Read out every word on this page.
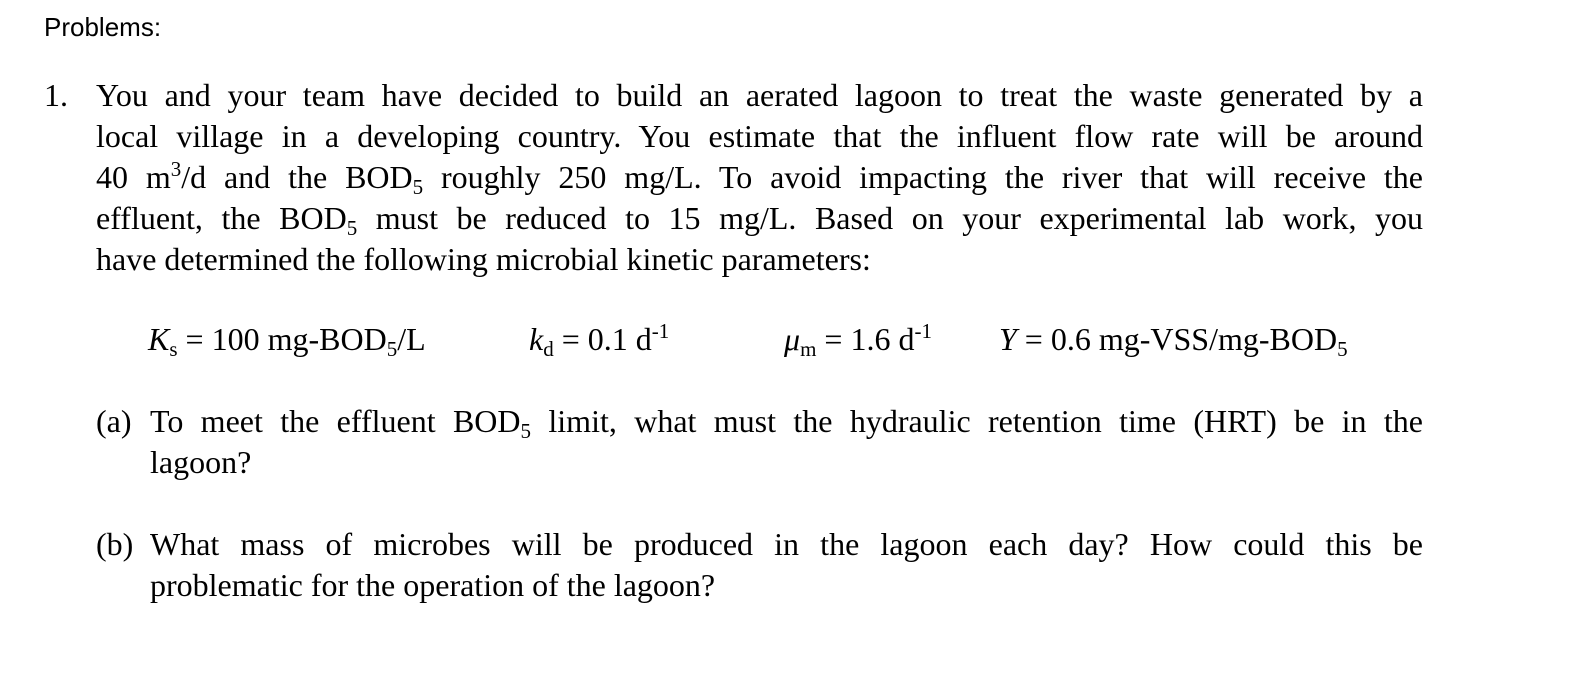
Problems:
1. You and your team have decided to build an aerated lagoon to treat the waste generated by a
local village in a developing country. You estimate that the influent flow rate will be around
40 $m^3/d$ and the $BOD_5$ roughly 250 mg/L. To avoid impacting the river that will receive the
effluent, the $BOD_5$ must be reduced to 15 mg/L. Based on your experimental lab work, you
have determined the following microbial kinetic parameters:
$K_s = 100$ $mg-BOD_5/L$	$k_d = 0.1$ $d^{-1}$	$\mu_m = 1.6$ $d^{-1}$ Y = 0.6 $mg-VSS/mg-BOD_5$
(a) To meet the effluent $BOD_5$ limit, what must the hydraulic retention time (HRT) be in the
lagoon?
(b) What mass of microbes will be produced in the lagoon each day? How could this be
problematic for the operation of the lagoon?
